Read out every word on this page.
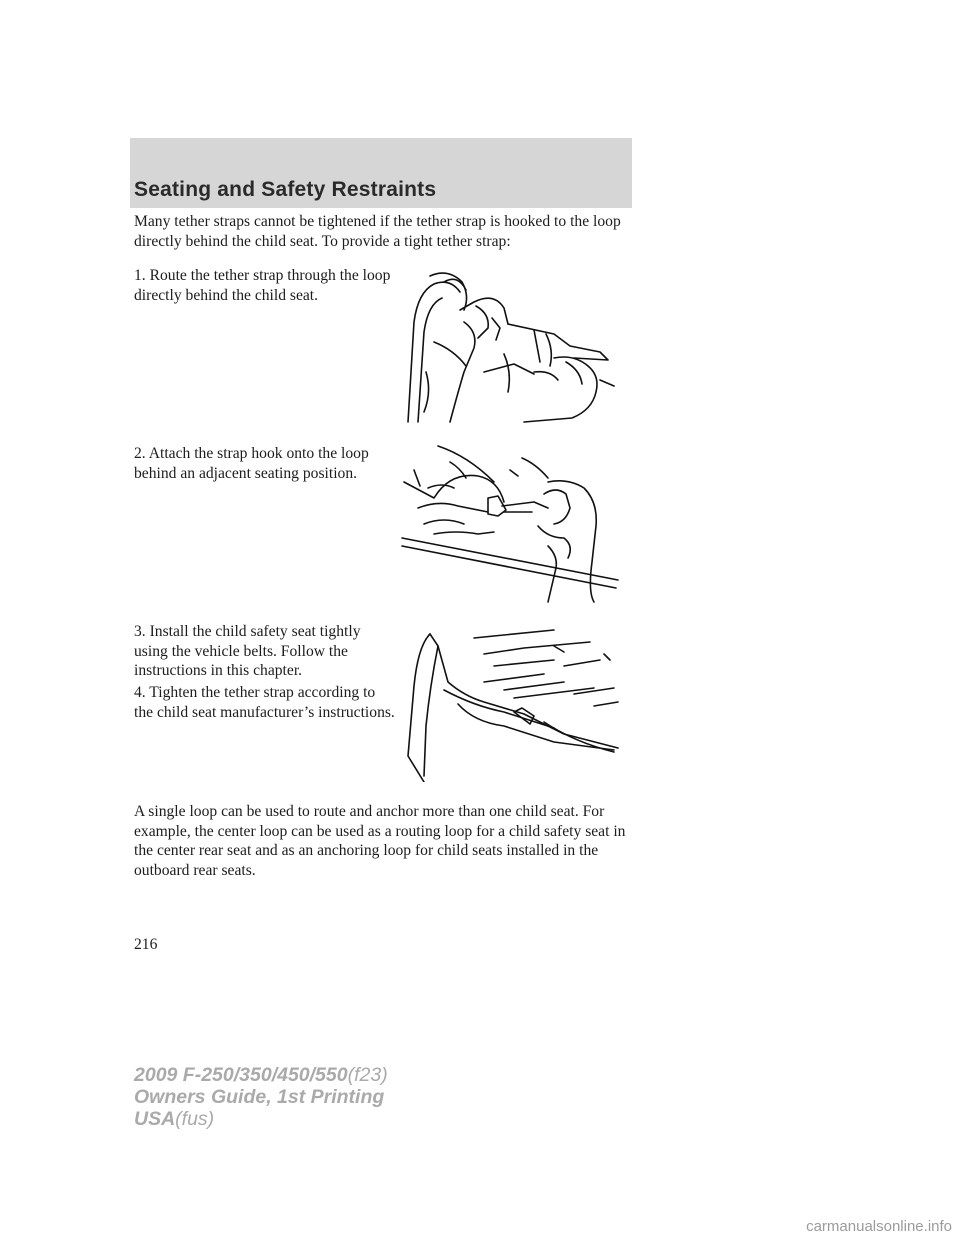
Seating and Safety Restraints

Many tether straps cannot be tightened if the tether strap is hooked to the loop directly behind the child seat. To provide a tight tether strap:

1. Route the tether strap through the loop directly behind the child seat.

2. Attach the strap hook onto the loop behind an adjacent seating position.

3. Install the child safety seat tightly using the vehicle belts. Follow the instructions in this chapter.

4. Tighten the tether strap according to the child seat manufacturer’s instructions.

A single loop can be used to route and anchor more than one child seat. For example, the center loop can be used as a routing loop for a child safety seat in the center rear seat and as an anchoring loop for child seats installed in the outboard rear seats.

216

2009 F-250/350/450/550(f23)
Owners Guide, 1st Printing
USA(fus)
carmanualsonline.info
